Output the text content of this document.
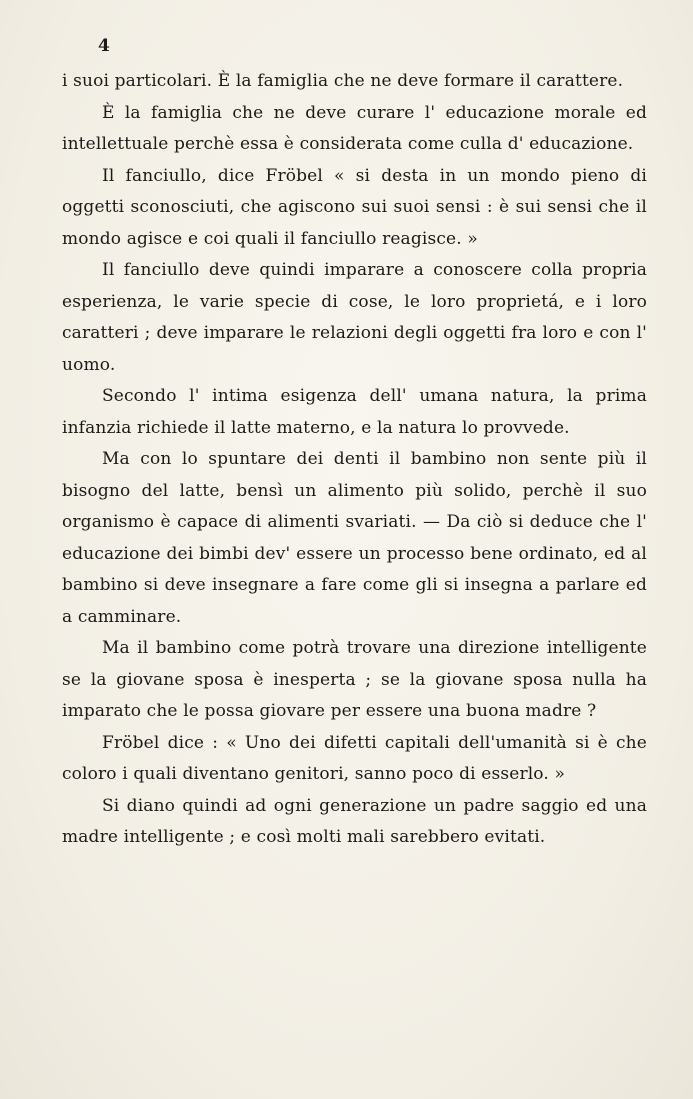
4

i suoi particolari. È la famiglia che ne deve formare il carattere.

È la famiglia che ne deve curare l' educazione morale ed intellettuale perchè essa è considerata come culla d' educazione.

Il fanciullo, dice Fröbel « si desta in un mondo pieno di oggetti sconosciuti, che agiscono sui suoi sensi : è sui sensi che il mondo agisce e coi quali il fanciullo reagisce. »

Il fanciullo deve quindi imparare a conoscere colla propria esperienza, le varie specie di cose, le loro proprietá, e i loro caratteri ; deve imparare le relazioni degli oggetti fra loro e con l' uomo.

Secondo l' intima esigenza dell' umana natura, la prima infanzia richiede il latte materno, e la natura lo provvede.

Ma con lo spuntare dei denti il bambino non sente più il bisogno del latte, bensì un alimento più solido, perchè il suo organismo è capace di alimenti svariati. — Da ciò si deduce che l' educazione dei bimbi dev' essere un processo bene ordinato, ed al bambino si deve insegnare a fare come gli si insegna a parlare ed a camminare.

Ma il bambino come potrà trovare una direzione intelligente se la giovane sposa è inesperta ; se la giovane sposa nulla ha imparato che le possa giovare per essere una buona madre ?

Fröbel dice : « Uno dei difetti capitali dell'umanità si è che coloro i quali diventano genitori, sanno poco di esserlo. »

Si diano quindi ad ogni generazione un padre saggio ed una madre intelligente ; e così molti mali sarebbero evitati.
